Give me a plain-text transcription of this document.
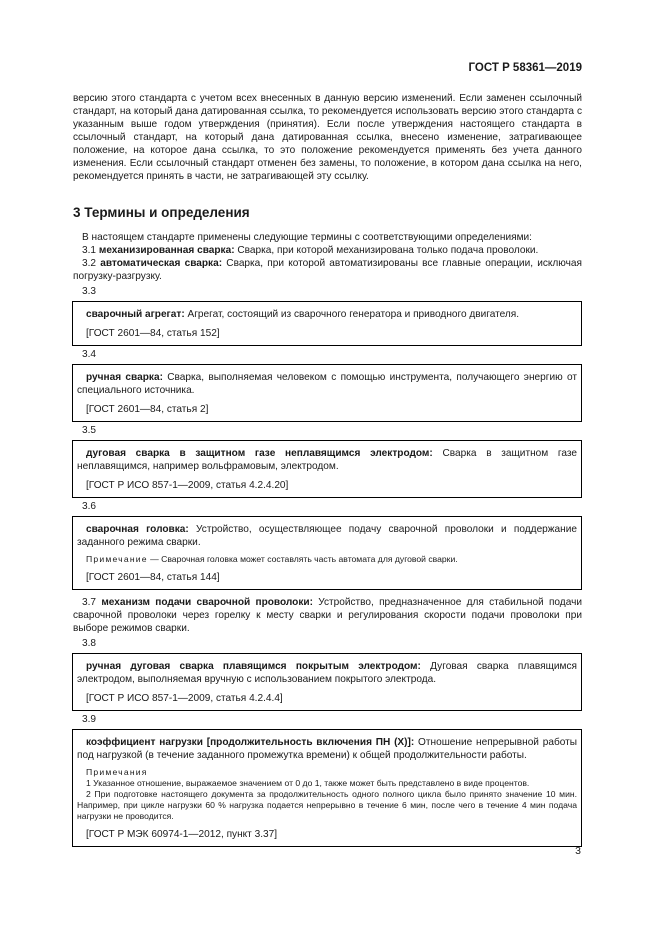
ГОСТ Р 58361—2019

версию этого стандарта с учетом всех внесенных в данную версию изменений. Если заменен ссылочный стандарт, на который дана датированная ссылка, то рекомендуется использовать версию этого стандарта с указанным выше годом утверждения (принятия). Если после утверждения настоящего стандарта в ссылочный стандарт, на который дана датированная ссылка, внесено изменение, затрагивающее положение, на которое дана ссылка, то это положение рекомендуется применять без учета данного изменения. Если ссылочный стандарт отменен без замены, то положение, в котором дана ссылка на него, рекомендуется принять в части, не затрагивающей эту ссылку.

3 Термины и определения

В настоящем стандарте применены следующие термины с соответствующими определениями:

3.1 механизированная сварка: Сварка, при которой механизирована только подача проволоки.

3.2 автоматическая сварка: Сварка, при которой автоматизированы все главные операции, исключая погрузку-разгрузку.

3.3

сварочный агрегат: Агрегат, состоящий из сварочного генератора и приводного двигателя.

[ГОСТ 2601—84, статья 152]

3.4

ручная сварка: Сварка, выполняемая человеком с помощью инструмента, получающего энергию от специального источника.

[ГОСТ 2601—84, статья 2]

3.5

дуговая сварка в защитном газе неплавящимся электродом: Сварка в защитном газе неплавящимся, например вольфрамовым, электродом.

[ГОСТ Р ИСО 857-1—2009, статья 4.2.4.20]

3.6

сварочная головка: Устройство, осуществляющее подачу сварочной проволоки и поддержание заданного режима сварки.

Примечание — Сварочная головка может составлять часть автомата для дуговой сварки.

[ГОСТ 2601—84, статья 144]

3.7 механизм подачи сварочной проволоки: Устройство, предназначенное для стабильной подачи сварочной проволоки через горелку к месту сварки и регулирования скорости подачи проволоки при выборе режимов сварки.

3.8

ручная дуговая сварка плавящимся покрытым электродом: Дуговая сварка плавящимся электродом, выполняемая вручную с использованием покрытого электрода.

[ГОСТ Р ИСО 857-1—2009, статья 4.2.4.4]

3.9

коэффициент нагрузки [продолжительность включения ПН (X)]: Отношение непрерывной работы под нагрузкой (в течение заданного промежутка времени) к общей продолжительности работы.

Примечания

1 Указанное отношение, выражаемое значением от 0 до 1, также может быть представлено в виде процентов.

2 При подготовке настоящего документа за продолжительность одного полного цикла было принято значение 10 мин. Например, при цикле нагрузки 60 % нагрузка подается непрерывно в течение 6 мин, после чего в течение 4 мин подача нагрузки не проводится.

[ГОСТ Р МЭК 60974-1—2012, пункт 3.37]

3
